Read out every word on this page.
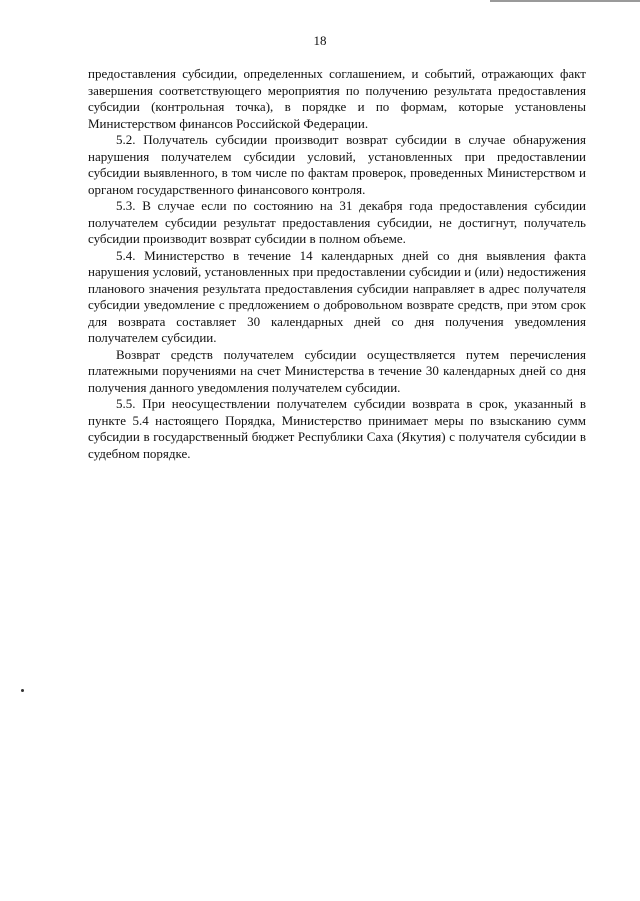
18

предоставления субсидии, определенных соглашением, и событий, отражающих факт завершения соответствующего мероприятия по получению результата предоставления субсидии (контрольная точка), в порядке и по формам, которые установлены Министерством финансов Российской Федерации.

5.2. Получатель субсидии производит возврат субсидии в случае обнаружения нарушения получателем субсидии условий, установленных при предоставлении субсидии выявленного, в том числе по фактам проверок, проведенных Министерством и органом государственного финансового контроля.

5.3. В случае если по состоянию на 31 декабря года предоставления субсидии получателем субсидии результат предоставления субсидии, не достигнут, получатель субсидии производит возврат субсидии в полном объеме.

5.4. Министерство в течение 14 календарных дней со дня выявления факта нарушения условий, установленных при предоставлении субсидии и (или) недостижения планового значения результата предоставления субсидии направляет в адрес получателя субсидии уведомление с предложением о добровольном возврате средств, при этом срок для возврата составляет 30 календарных дней со дня получения уведомления получателем субсидии.

Возврат средств получателем субсидии осуществляется путем перечисления платежными поручениями на счет Министерства в течение 30 календарных дней со дня получения данного уведомления получателем субсидии.

5.5. При неосуществлении получателем субсидии возврата в срок, указанный в пункте 5.4 настоящего Порядка, Министерство принимает меры по взысканию сумм субсидии в государственный бюджет Республики Саха (Якутия) с получателя субсидии в судебном порядке.
